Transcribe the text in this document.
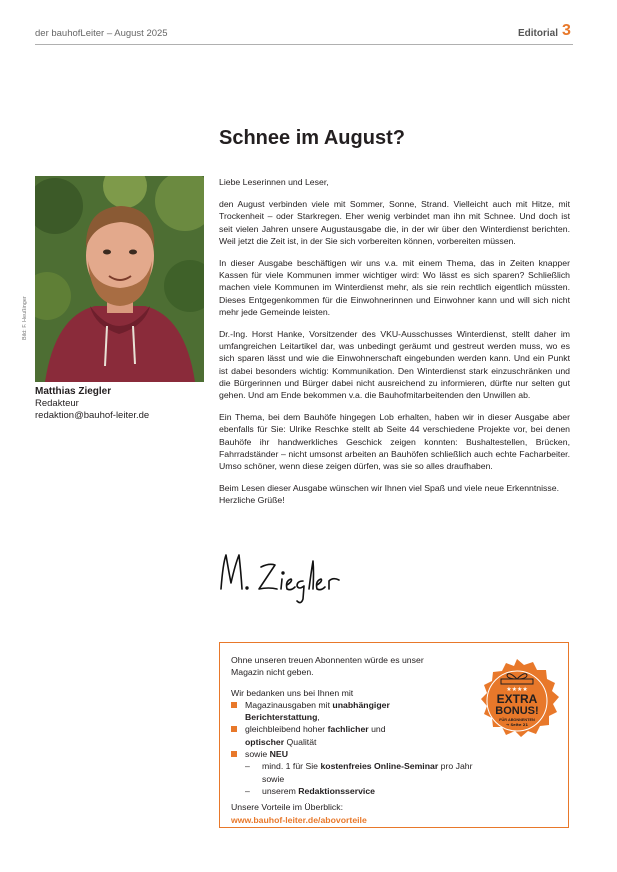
der bauhofLeiter – August 2025	Editorial 3
Schnee im August?
Bild: F. Heußinger
Matthias Ziegler
Redakteur
redaktion@bauhof-leiter.de

Liebe Leserinnen und Leser,

den August verbinden viele mit Sommer, Sonne, Strand. Vielleicht auch mit Hitze, mit Trockenheit – oder Starkregen. Eher wenig verbindet man ihn mit Schnee. Und doch ist seit vielen Jahren unsere Augustausgabe die, in der wir über den Winterdienst berichten. Weil jetzt die Zeit ist, in der Sie sich vorbereiten können, vorbereiten müssen.

In dieser Ausgabe beschäftigen wir uns v.a. mit einem Thema, das in Zeiten knapper Kassen für viele Kommunen immer wichtiger wird: Wo lässt es sich sparen? Schließlich machen viele Kommunen im Winterdienst mehr, als sie rein rechtlich eigentlich müssten. Dieses Entgegenkommen für die Einwohnerinnen und Einwohner kann und will sich nicht mehr jede Gemeinde leisten.

Dr.-Ing. Horst Hanke, Vorsitzender des VKU-Ausschusses Winterdienst, stellt daher im umfangreichen Leitartikel dar, was unbedingt geräumt und gestreut werden muss, wo es sich sparen lässt und wie die Einwohnerschaft eingebunden werden kann. Und ein Punkt ist dabei besonders wichtig: Kommunikation. Den Winterdienst stark einzuschränken und die Bürgerinnen und Bürger dabei nicht ausreichend zu informieren, dürfte nur selten gut gehen. Und am Ende bekommen v.a. die Bauhofmitarbeitenden den Unwillen ab.

Ein Thema, bei dem Bauhöfe hingegen Lob erhalten, haben wir in dieser Ausgabe aber ebenfalls für Sie: Ulrike Reschke stellt ab Seite 44 verschiedene Projekte vor, bei denen Bauhöfe ihr handwerkliches Geschick zeigen konnten: Bushaltestellen, Brücken, Fahrradständer – nicht umsonst arbeiten an Bauhöfen schließlich auch echte Facharbeiter. Umso schöner, wenn diese zeigen dürfen, was sie so alles draufhaben.

Beim Lesen dieser Ausgabe wünschen wir Ihnen viel Spaß und viele neue Erkenntnisse.

Herzliche Grüße!

Ohne unseren treuen Abonnenten würde es unser

Magazin nicht geben.

Wir bedanken uns bei Ihnen mit

Magazinausgaben mit unabhängiger
Berichterstattung,
gleichbleibend hoher fachlicher und
optischer Qualität
sowie NEU
– mind. 1 für Sie kostenfreies Online-Seminar pro Jahr sowie
– unserem Redaktionsservice

Unsere Vorteile im Überblick:

www.bauhof-leiter.de/abovorteile

★★★★
EXTRA
BONUS!
FÜR ABONNENTEN
➔ Seite 21
